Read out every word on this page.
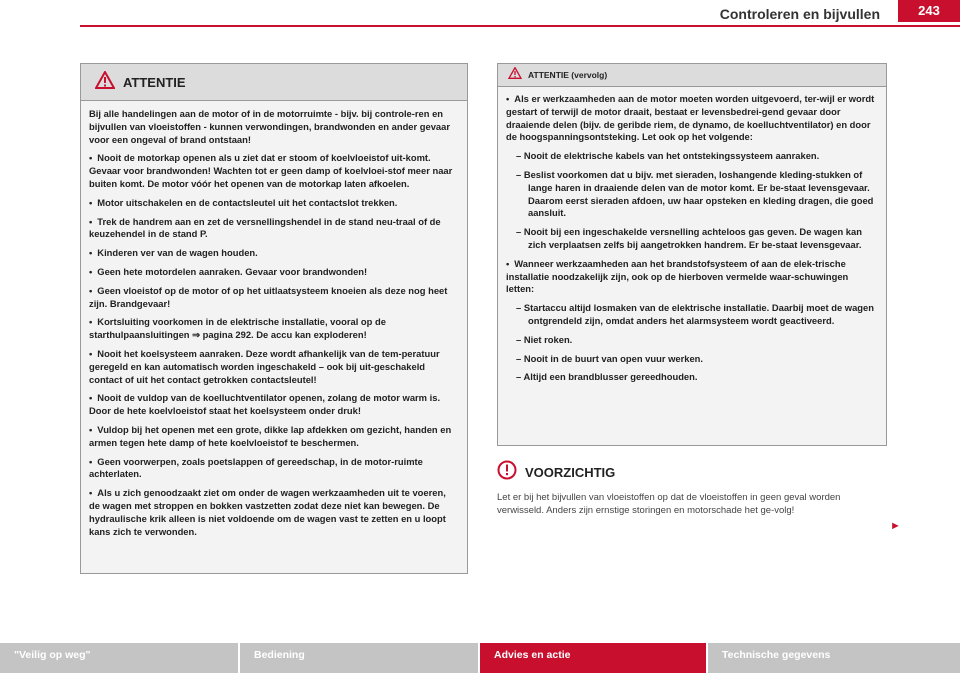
Controleren en bijvullen	243
ATTENTIE

Bij alle handelingen aan de motor of in de motorruimte - bijv. bij controle-ren en bijvullen van vloeistoffen - kunnen verwondingen, brandwonden en ander gevaar voor een ongeval of brand ontstaan!

• Nooit de motorkap openen als u ziet dat er stoom of koelvloeistof uit-komt. Gevaar voor brandwonden! Wachten tot er geen damp of koelvloei-stof meer naar buiten komt. De motor vóór het openen van de motorkap laten afkoelen.

• Motor uitschakelen en de contactsleutel uit het contactslot trekken.

• Trek de handrem aan en zet de versnellingshendel in de stand neu-traal of de keuzehendel in de stand P.

• Kinderen ver van de wagen houden.

• Geen hete motordelen aanraken. Gevaar voor brandwonden!

• Geen vloeistof op de motor of op het uitlaatsysteem knoeien als deze nog heet zijn. Brandgevaar!

• Kortsluiting voorkomen in de elektrische installatie, vooral op de starthulpaansluitingen ⇒ pagina 292. De accu kan exploderen!

• Nooit het koelsysteem aanraken. Deze wordt afhankelijk van de tem-peratuur geregeld en kan automatisch worden ingeschakeld – ook bij uit-geschakeld contact of uit het contact getrokken contactsleutel!

• Nooit de vuldop van de koelluchtventilator openen, zolang de motor warm is. Door de hete koelvloeistof staat het koelsysteem onder druk!

• Vuldop bij het openen met een grote, dikke lap afdekken om gezicht, handen en armen tegen hete damp of hete koelvloeistof te beschermen.

• Geen voorwerpen, zoals poetslappen of gereedschap, in de motor-ruimte achterlaten.

• Als u zich genoodzaakt ziet om onder de wagen werkzaamheden uit te voeren, de wagen met stroppen en bokken vastzetten zodat deze niet kan bewegen. De hydraulische krik alleen is niet voldoende om de wagen vast te zetten en u loopt kans zich te verwonden.

ATTENTIE (vervolg)

• Als er werkzaamheden aan de motor moeten worden uitgevoerd, ter-wijl er wordt gestart of terwijl de motor draait, bestaat er levensbedrei-gend gevaar door draaiende delen (bijv. de geribde riem, de dynamo, de koelluchtventilator) en door de hoogspanningsontsteking. Let ook op het volgende:

– Nooit de elektrische kabels van het ontstekingssysteem aanraken.

– Beslist voorkomen dat u bijv. met sieraden, loshangende kleding-stukken of lange haren in draaiende delen van de motor komt. Er be-staat levensgevaar. Daarom eerst sieraden afdoen, uw haar opsteken en kleding dragen, die goed aansluit.

– Nooit bij een ingeschakelde versnelling achteloos gas geven. De wagen kan zich verplaatsen zelfs bij aangetrokken handrem. Er be-staat levensgevaar.

• Wanneer werkzaamheden aan het brandstofsysteem of aan de elek-trische installatie noodzakelijk zijn, ook op de hierboven vermelde waar-schuwingen letten:

– Startaccu altijd losmaken van de elektrische installatie. Daarbij moet de wagen ontgrendeld zijn, omdat anders het alarmsysteem wordt geactiveerd.

– Niet roken.

– Nooit in de buurt van open vuur werken.

– Altijd een brandblusser gereedhouden.

VOORZICHTIG
Let er bij het bijvullen van vloeistoffen op dat de vloeistoffen in geen geval worden verwisseld. Anders zijn ernstige storingen en motorschade het ge-volg!
►
"Veilig op weg"	Bediening	Advies en actie	Technische gegevens
